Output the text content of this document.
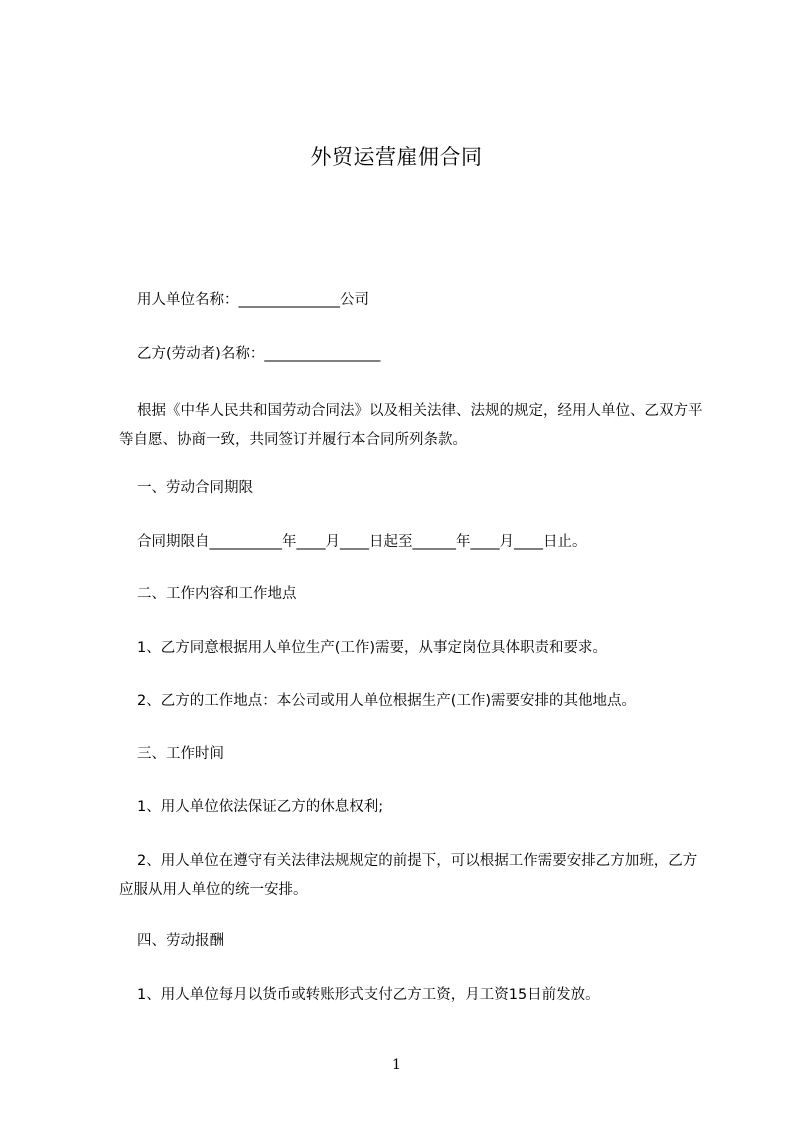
外贸运营雇佣合同
用人单位名称：______________公司
乙方(劳动者)名称：________________
根据《中华人民共和国劳动合同法》以及相关法律、法规的规定，经用人单位、乙双方平等自愿、协商一致，共同签订并履行本合同所列条款。
一、劳动合同期限
合同期限自__________年____月____日起至______年____月____日止。
二、工作内容和工作地点
1、乙方同意根据用人单位生产(工作)需要，从事定岗位具体职责和要求。
2、乙方的工作地点：本公司或用人单位根据生产(工作)需要安排的其他地点。
三、工作时间
1、用人单位依法保证乙方的休息权利;
2、用人单位在遵守有关法律法规规定的前提下，可以根据工作需要安排乙方加班，乙方应服从用人单位的统一安排。
四、劳动报酬
1、用人单位每月以货币或转账形式支付乙方工资，月工资15日前发放。
1
